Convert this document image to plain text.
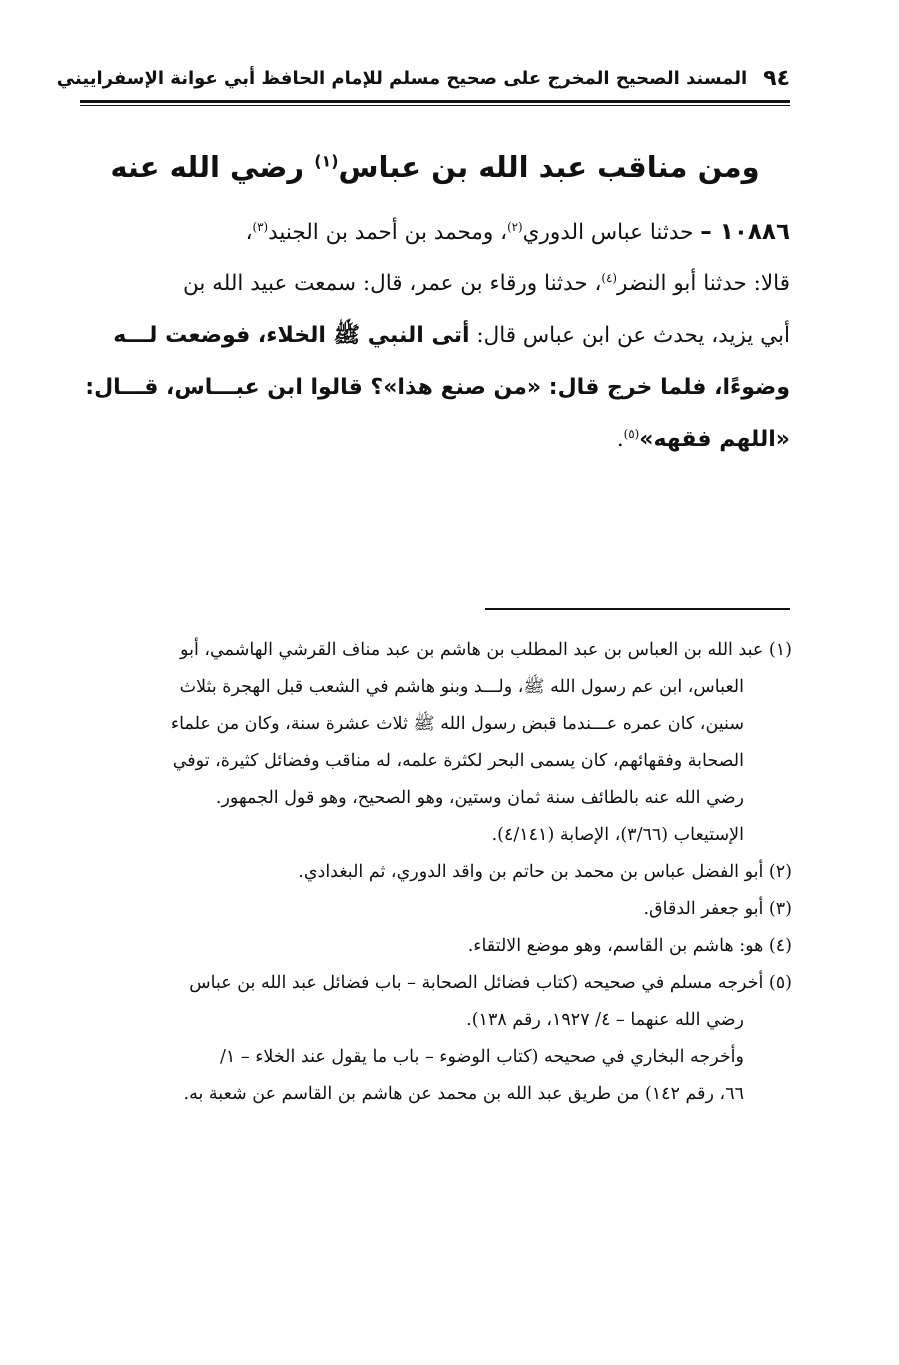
٩٤
المسند الصحيح المخرج على صحيح مسلم للإمام الحافظ أبي عوانة الإسفراييني
ومن مناقب عبد الله بن عباس$^{(١)}$ رضي الله عنه
١٠٨٨٦ – حدثنا عباس الدوري$^{(٢)}$، ومحمد بن أحمد بن الجنيد$^{(٣)}$،
قالا: حدثنا أبو النضر$^{(٤)}$، حدثنا ورقاء بن عمر، قال: سمعت عبيد الله بن
أبي يزيد، يحدث عن ابن عباس قال: أتى النبي ﷺ الخلاء، فوضعت لـــه
وضوءًا، فلما خرج قال: «من صنع هذا»؟ قالوا ابن عبـــاس، قـــال:
«اللهم فقهه»$^{(٥)}$.
(١) عبد الله بن العباس بن عبد المطلب بن هاشم بن عبد مناف القرشي الهاشمي، أبو
العباس، ابن عم رسول الله ﷺ، ولـــد وبنو هاشم في الشعب قبل الهجرة بثلاث
سنين، كان عمره عـــندما قبض رسول الله ﷺ ثلاث عشرة سنة، وكان من علماء
الصحابة وفقهائهم، كان يسمى البحر لكثرة علمه، له مناقب وفضائل كثيرة، توفي
رضي الله عنه بالطائف سنة ثمان وستين، وهو الصحيح، وهو قول الجمهور.
الإستيعاب (٣/٦٦)، الإصابة (٤/١٤١).
(٢) أبو الفضل عباس بن محمد بن حاتم بن واقد الدوري، ثم البغدادي.
(٣) أبو جعفر الدقاق.
(٤) هو: هاشم بن القاسم، وهو موضع الالتقاء.
(٥) أخرجه مسلم في صحيحه (كتاب فضائل الصحابة – باب فضائل عبد الله بن عباس
رضي الله عنهما – ٤/ ١٩٢٧، رقم ١٣٨).
وأخرجه البخاري في صحيحه (كتاب الوضوء – باب ما يقول عند الخلاء – ١/
٦٦، رقم ١٤٢) من طريق عبد الله بن محمد عن هاشم بن القاسم عن شعبة به.
